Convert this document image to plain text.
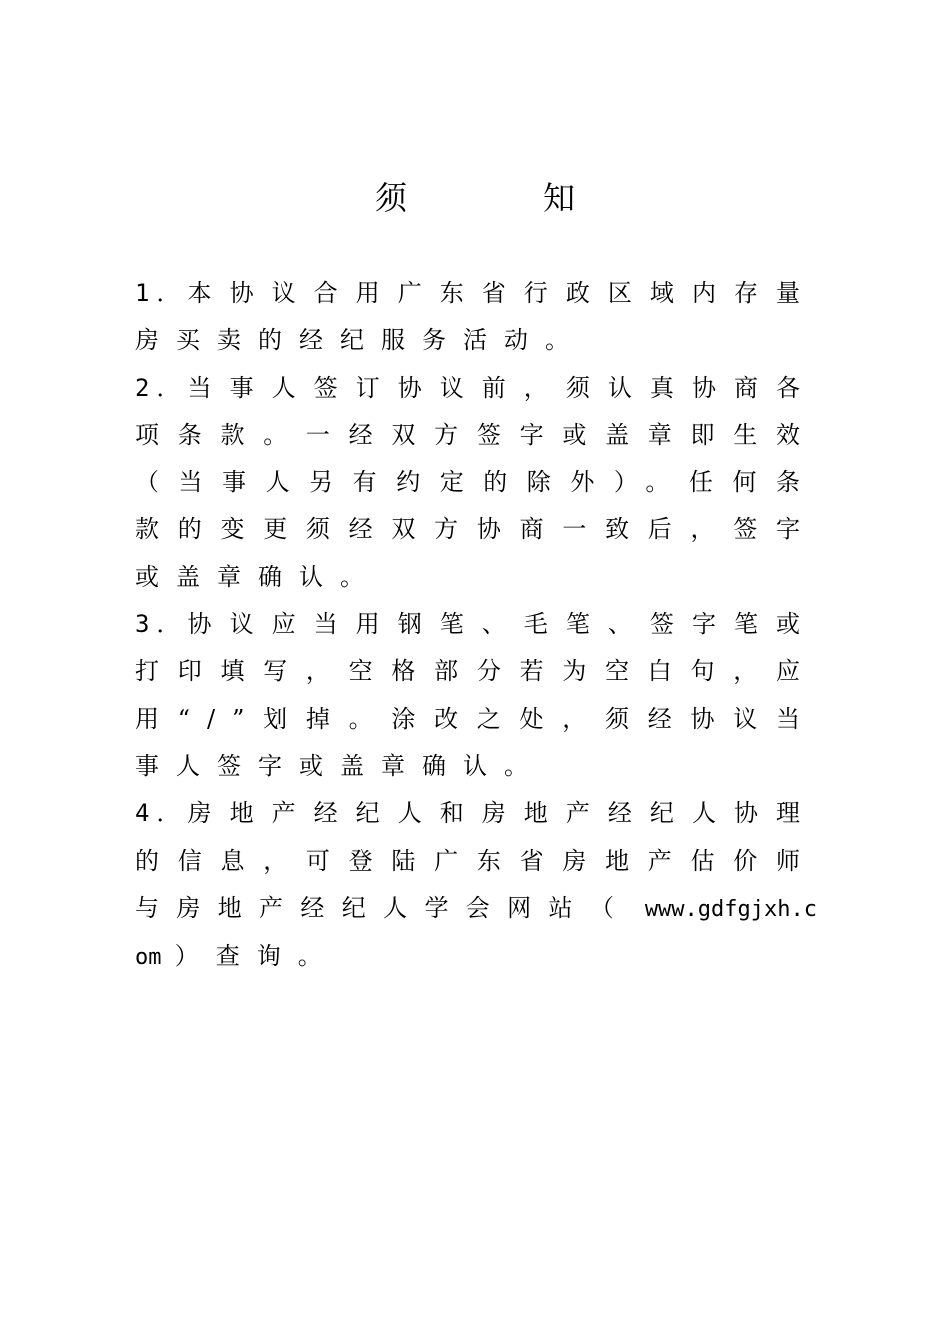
须　知

1．本协议合用广东省行政区域内存量房买卖的经纪服务活动。

2．当事人签订协议前，须认真协商各项条款。一经双方签字或盖章即生效（当事人另有约定的除外）。任何条款的变更须经双方协商一致后，签字或盖章确认。

3．协议应当用钢笔、毛笔、签字笔或打印填写，空格部分若为空白句，应用“/”划掉。涂改之处，须经协议当事人签字或盖章确认。

4．房地产经纪人和房地产经纪人协理的信息，可登陆广东省房地产估价师与房地产经纪人学会网站（ www.gdfgjxh.com ）查询。
